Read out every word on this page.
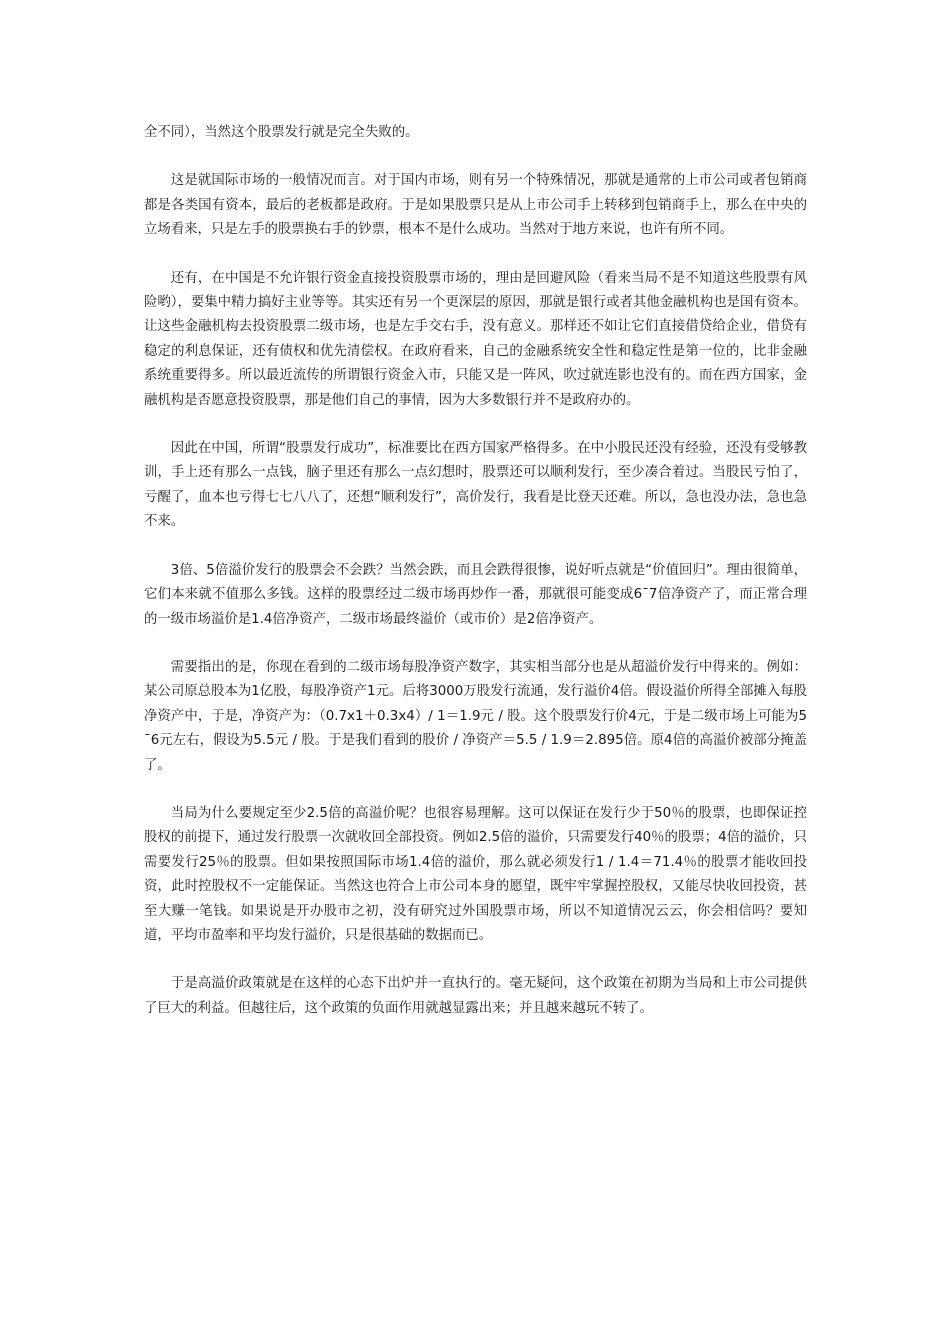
全不同），当然这个股票发行就是完全失败的。

这是就国际市场的一般情况而言。对于国内市场，则有另一个特殊情况，那就是通常的上市公司或者包销商都是各类国有资本，最后的老板都是政府。于是如果股票只是从上市公司手上转移到包销商手上，那么在中央的立场看来，只是左手的股票换右手的钞票，根本不是什么成功。当然对于地方来说，也许有所不同。

还有，在中国是不允许银行资金直接投资股票市场的，理由是回避风险（看来当局不是不知道这些股票有风险哟），要集中精力搞好主业等等。其实还有另一个更深层的原因，那就是银行或者其他金融机构也是国有资本。让这些金融机构去投资股票二级市场，也是左手交右手，没有意义。那样还不如让它们直接借贷给企业，借贷有稳定的利息保证，还有债权和优先清偿权。在政府看来，自己的金融系统安全性和稳定性是第一位的，比非金融系统重要得多。所以最近流传的所谓银行资金入市，只能又是一阵风，吹过就连影也没有的。而在西方国家，金融机构是否愿意投资股票，那是他们自己的事情，因为大多数银行并不是政府办的。

因此在中国，所谓“股票发行成功”，标准要比在西方国家严格得多。在中小股民还没有经验，还没有受够教训，手上还有那么一点钱，脑子里还有那么一点幻想时，股票还可以顺利发行，至少凑合着过。当股民亏怕了，亏醒了，血本也亏得七七八八了，还想“顺利发行”，高价发行，我看是比登天还难。所以，急也没办法，急也急不来。

3倍、5倍溢价发行的股票会不会跌？当然会跌，而且会跌得很惨，说好听点就是“价值回归”。理由很简单，它们本来就不值那么多钱。这样的股票经过二级市场再炒作一番，那就很可能变成6¯7倍净资产了，而正常合理的一级市场溢价是1.4倍净资产，二级市场最终溢价（或市价）是2倍净资产。

需要指出的是，你现在看到的二级市场每股净资产数字，其实相当部分也是从超溢价发行中得来的。例如：某公司原总股本为1亿股，每股净资产1元。后将3000万股发行流通，发行溢价4倍。假设溢价所得全部摊入每股净资产中，于是，净资产为：（0.7x1＋0.3x4）/ 1＝1.9元 / 股。这个股票发行价4元，于是二级市场上可能为5¯6元左右，假设为5.5元 / 股。于是我们看到的股价 / 净资产＝5.5 / 1.9＝2.895倍。原4倍的高溢价被部分掩盖了。

当局为什么要规定至少2.5倍的高溢价呢？也很容易理解。这可以保证在发行少于50％的股票，也即保证控股权的前提下，通过发行股票一次就收回全部投资。例如2.5倍的溢价，只需要发行40％的股票；4倍的溢价，只需要发行25％的股票。但如果按照国际市场1.4倍的溢价，那么就必须发行1 / 1.4＝71.4％的股票才能收回投资，此时控股权不一定能保证。当然这也符合上市公司本身的愿望，既牢牢掌握控股权，又能尽快收回投资，甚至大赚一笔钱。如果说是开办股市之初，没有研究过外国股票市场，所以不知道情况云云，你会相信吗？要知道，平均市盈率和平均发行溢价，只是很基础的数据而已。

于是高溢价政策就是在这样的心态下出炉并一直执行的。毫无疑问，这个政策在初期为当局和上市公司提供了巨大的利益。但越往后，这个政策的负面作用就越显露出来；并且越来越玩不转了。
